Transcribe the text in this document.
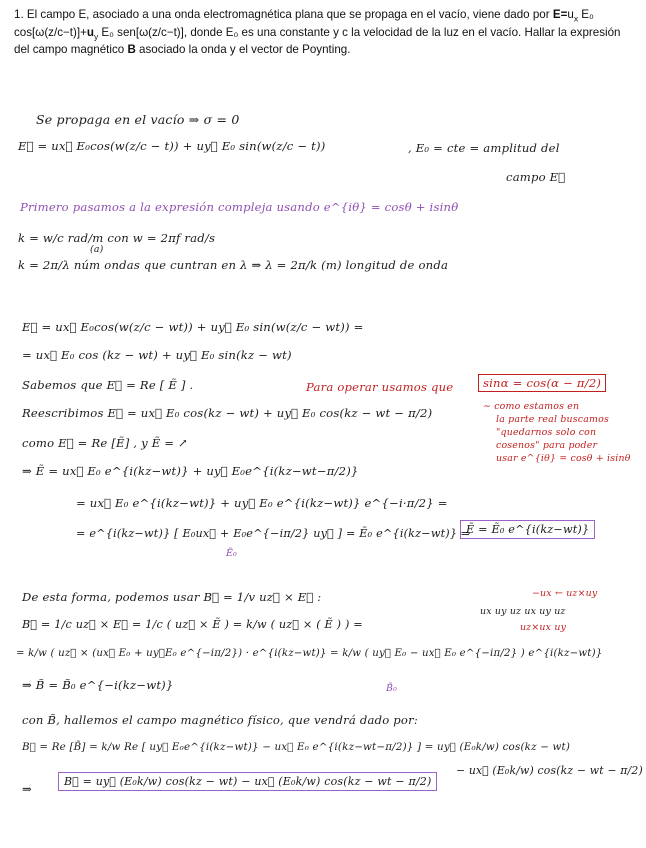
1. El campo E, asociado a una onda electromagnética plana que se propaga en el vacío, viene dado por $E=u_x$ E₀ $\cos[\omega(z/c-t)]+u_y$ E₀ sen[ω(z/c−t)], donde E₀ es una constante y c la velocidad de la luz en el vacío. Hallar la expresión del campo magnético B asociado la onda y el vector de Poynting.
Se propaga en el vacío ⇒ σ = 0
E⃗ = ux⃗ E₀cos(w(z/c − t)) + uy⃗ E₀ sin(w(z/c − t))	, E₀ = cte = amplitud del
campo E⃗
Primero pasamos a la expresión compleja usando e^{iθ} = cosθ + isinθ
k = w/c rad/m con w = 2πf rad/s
(a)
k = 2π/λ núm ondas que cuntran en λ ⇒ λ = 2π/k (m) longitud de onda
E⃗ = ux⃗ E₀cos(w(z/c − wt)) + uy⃗ E₀ sin(w(z/c − wt)) =
= ux⃗ E₀ cos (kz − wt) + uy⃗ E₀ sin(kz − wt)
Sabemos que E⃗ = Re [ Ẽ ] .	Para operar usamos que	sinα = cos(α − π/2)
Reescribimos E⃗ = ux⃗ E₀ cos(kz − wt) + uy⃗ E₀ cos(kz − wt − π/2)	∼ como estamos en
la parte real buscamos
"quedarnos solo con
cosenos" para poder
usar e^{iθ} = cosθ + isinθ
como E⃗ = Re [Ẽ] , y Ẽ = ↗
⇒ Ẽ = ux⃗ E₀ e^{i(kz−wt)} + uy⃗ E₀e^{i(kz−wt−π/2)}
= ux⃗ E₀ e^{i(kz−wt)} + uy⃗ E₀ e^{i(kz−wt)} e^{−i·π/2} =
= e^{i(kz−wt)} [ E₀ux⃗ + E₀e^{−iπ/2} uy⃗ ] = Ẽ₀ e^{i(kz−wt)} ⇒
Ẽ = Ẽ₀ e^{i(kz−wt)}
Ẽ₀
De esta forma, podemos usar B⃗ = 1/v uz⃗ × E⃗ :	−ux ← uz×uy
ux uy uz ux uy uz
uz×ux uy
B⃗ = 1/c uz⃗ × E⃗ = 1/c ( uz⃗ × Ẽ ) = k/w ( uz⃗ × ( Ẽ ) ) =
= k/w ( uz⃗ × (ux⃗ E₀ + uy⃗E₀ e^{−iπ/2}) · e^{i(kz−wt)} = k/w ( uy⃗ E₀ − ux⃗ E₀ e^{−iπ/2} ) e^{i(kz−wt)}
⇒ B̃ = B̃₀ e^{−i(kz−wt)}	B̃₀
con B̃, hallemos el campo magnético físico, que vendrá dado por:
B⃗ = Re [B̃] = k/w Re [ uy⃗ E₀e^{i(kz−wt)} − ux⃗ E₀ e^{i(kz−wt−π/2)} ] = uy⃗ (E₀k/w) cos(kz − wt)
− ux⃗ (E₀k/w) cos(kz − wt − π/2)
⇒
B⃗ = uy⃗ (E₀k/w) cos(kz − wt) − ux⃗ (E₀k/w) cos(kz − wt − π/2)
